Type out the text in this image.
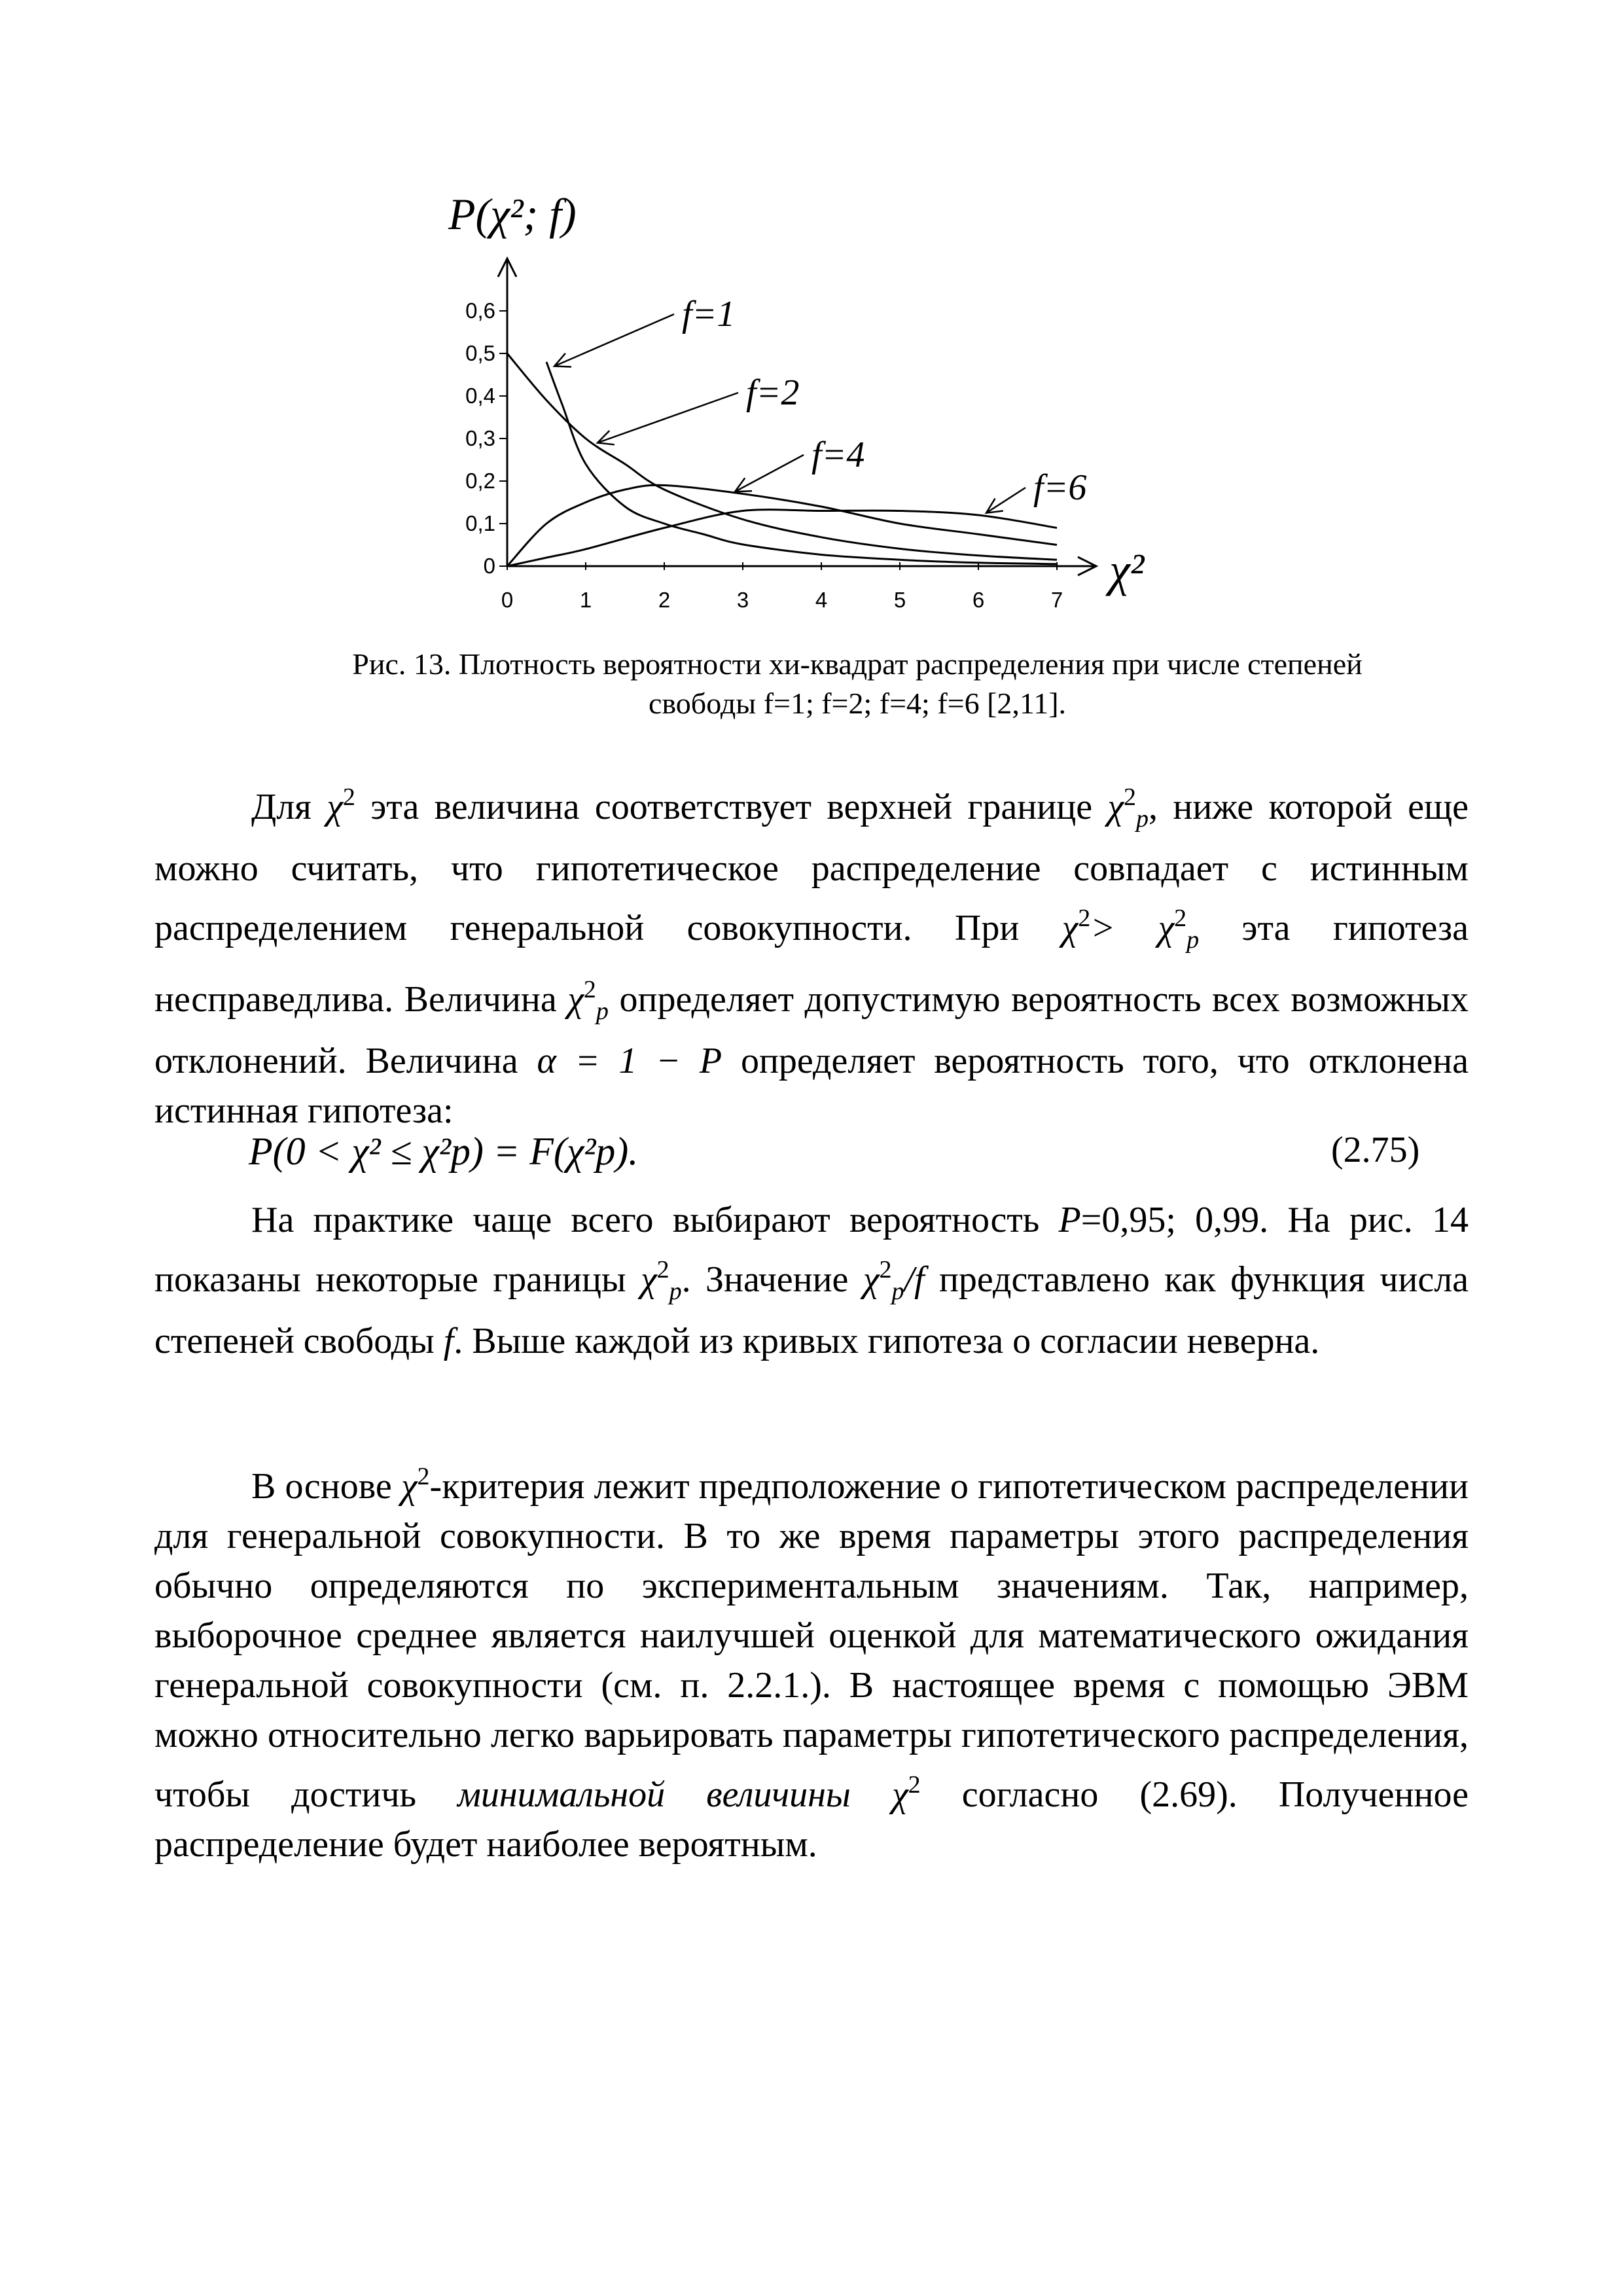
P(χ²; f)
0
0,1
0,2
0,3
0,4
0,5
0,6
0	1	2	3	4	5	6	7
f=1
f=2
f=4
f=6
χ²
Рис. 13. Плотность вероятности хи-квадрат распределения при числе степеней
свободы f=1; f=2; f=4; f=6 [2,11].

Для $\chi^2$ эта величина соответствует верхней границе $\chi^2_p$, ниже которой еще можно считать, что гипотетическое распределение совпадает с истинным распределением генеральной совокупности. При $\chi^2> \chi^2_p$ эта гипотеза несправедлива. Величина $\chi^2_p$ определяет допустимую вероятность всех возможных отклонений. Величина α = 1 − P определяет вероятность того, что отклонена истинная гипотеза:

P(0 < χ² ≤ χ²p) = F(χ²p).	(2.75)

На практике чаще всего выбирают вероятность P=0,95; 0,99. На рис. 14 показаны некоторые границы $\chi^2_p$. Значение $\chi^2_p/f$ представлено как функция числа степеней свободы f. Выше каждой из кривых гипотеза о согласии неверна.

В основе $\chi^2$-критерия лежит предположение о гипотетическом распределении для генеральной совокупности. В то же время параметры этого распределения обычно определяются по экспериментальным значениям. Так, например, выборочное среднее является наилучшей оценкой для математического ожидания генеральной совокупности (см. п. 2.2.1.). В настоящее время с помощью ЭВМ можно относительно легко варьировать параметры гипотетического распределения, чтобы достичь минимальной величины $\chi^2$ согласно (2.69). Полученное распределение будет наиболее вероятным.
